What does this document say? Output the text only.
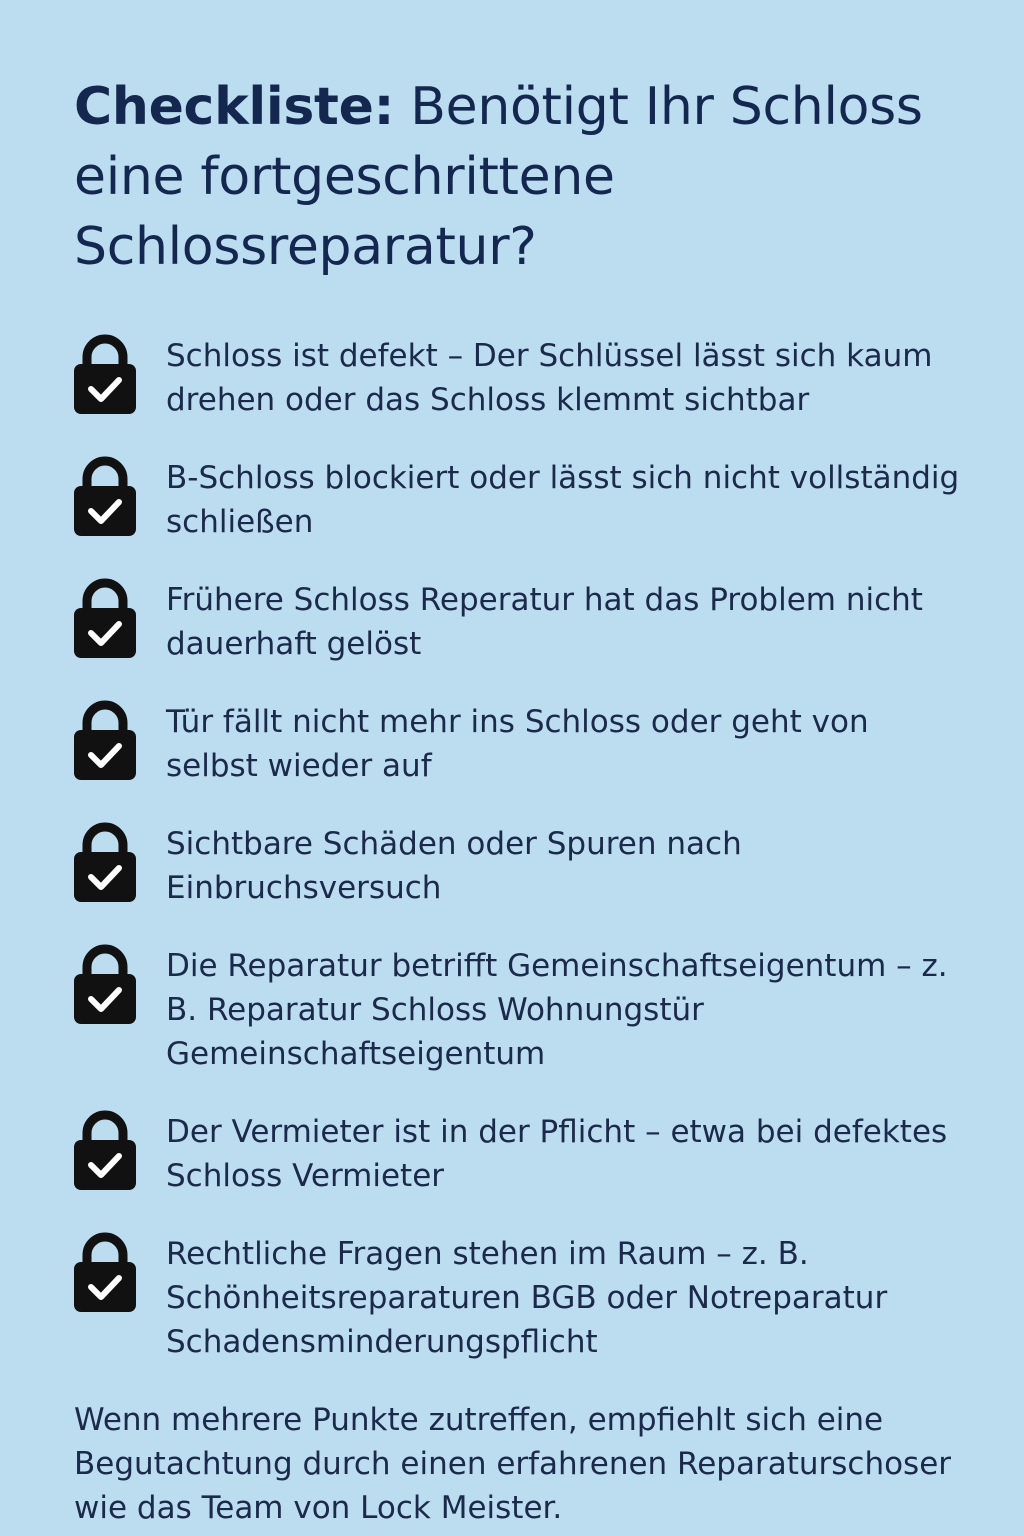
Checkliste: Benötigt Ihr Schloss eine fortgeschrittene Schlossreparatur?
Schloss ist defekt – Der Schlüssel lässt sich kaum drehen oder das Schloss klemmt sichtbar
B-Schloss blockiert oder lässt sich nicht vollständig schließen
Frühere Schloss Reperatur hat das Problem nicht dauerhaft gelöst
Tür fällt nicht mehr ins Schloss oder geht von selbst wieder auf
Sichtbare Schäden oder Spuren nach Einbruchsversuch
Die Reparatur betrifft Gemeinschaftseigentum – z. B. Reparatur Schloss Wohnungstür Gemeinschaftseigentum
Der Vermieter ist in der Pflicht – etwa bei defektes Schloss Vermieter
Rechtliche Fragen stehen im Raum – z. B. Schönheitsreparaturen BGB oder Notreparatur Schadensminderungspflicht

Wenn mehrere Punkte zutreffen, empfiehlt sich eine Begutachtung durch einen erfahrenen Reparaturschoser wie das Team von Lock Meister.
